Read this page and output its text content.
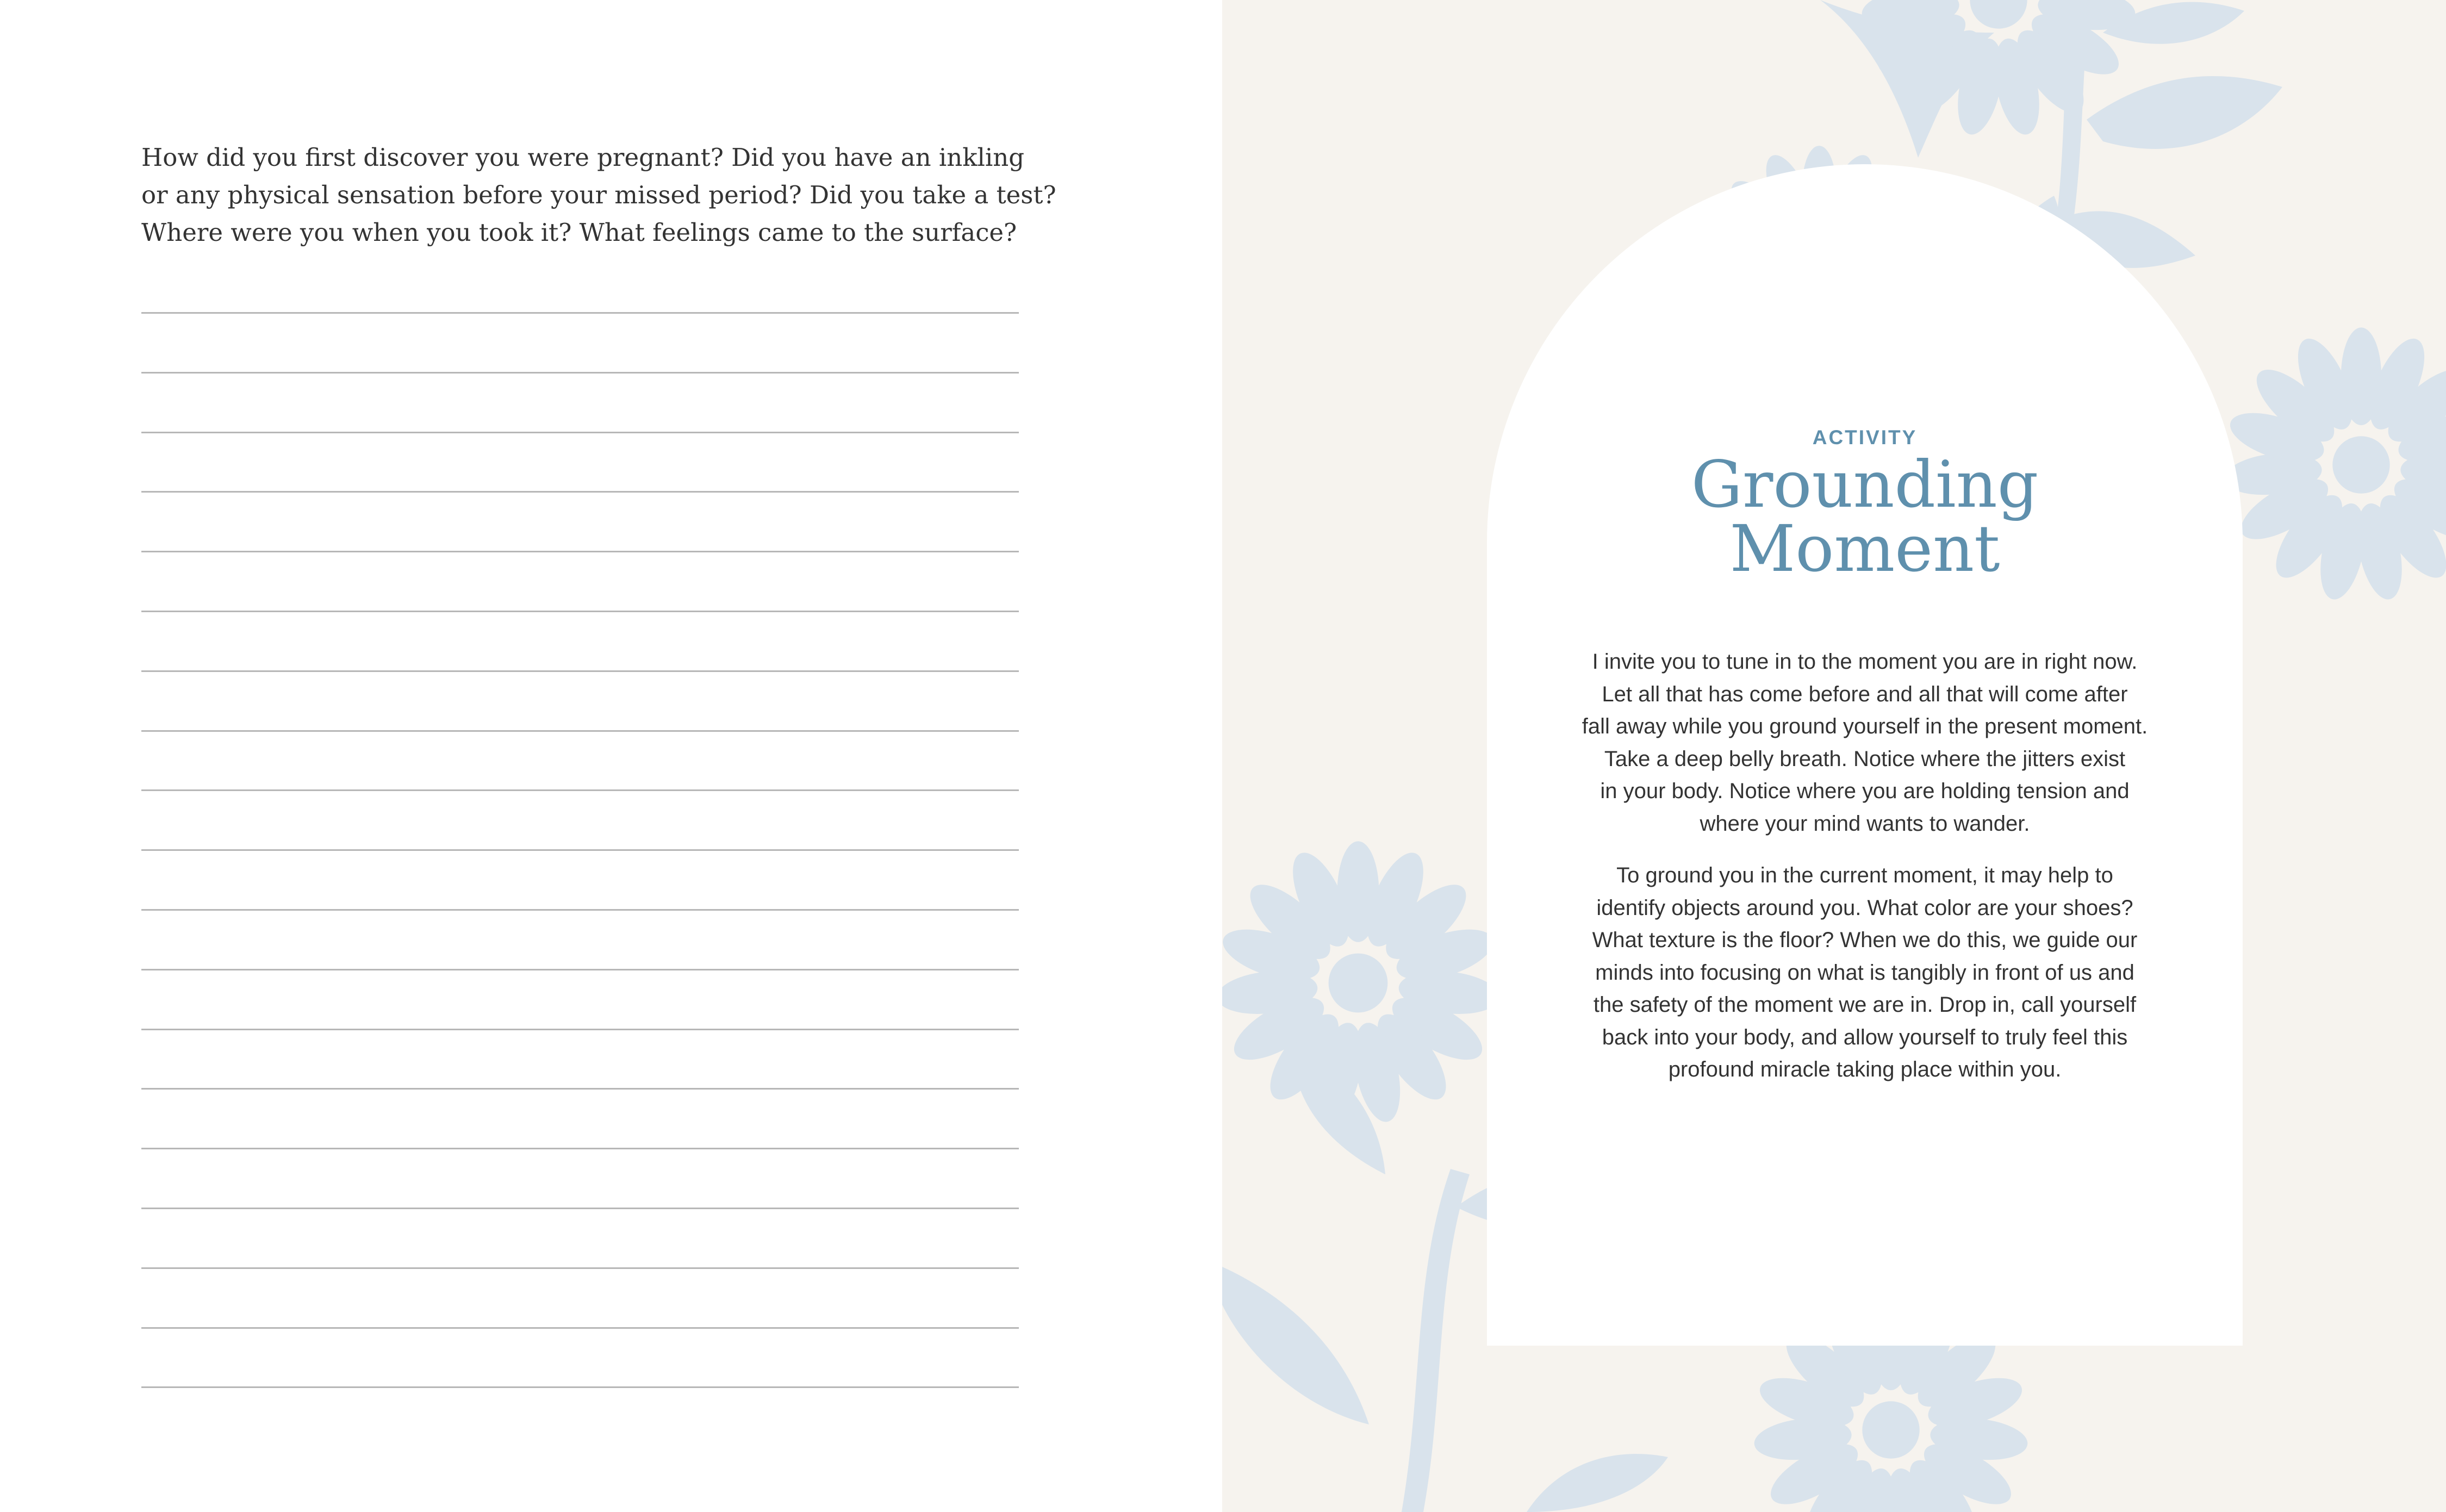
How did you first discover you were pregnant? Did you have an inkling
or any physical sensation before your missed period? Did you take a test?
Where were you when you took it? What feelings came to the surface?
ACTIVITY
Grounding
Moment

I invite you to tune in to the moment you are in right now.
Let all that has come before and all that will come after
fall away while you ground yourself in the present moment.
Take a deep belly breath. Notice where the jitters exist
in your body. Notice where you are holding tension and
where your mind wants to wander.

To ground you in the current moment, it may help to
identify objects around you. What color are your shoes?
What texture is the floor? When we do this, we guide our
minds into focusing on what is tangibly in front of us and
the safety of the moment we are in. Drop in, call yourself
back into your body, and allow yourself to truly feel this
profound miracle taking place within you.
